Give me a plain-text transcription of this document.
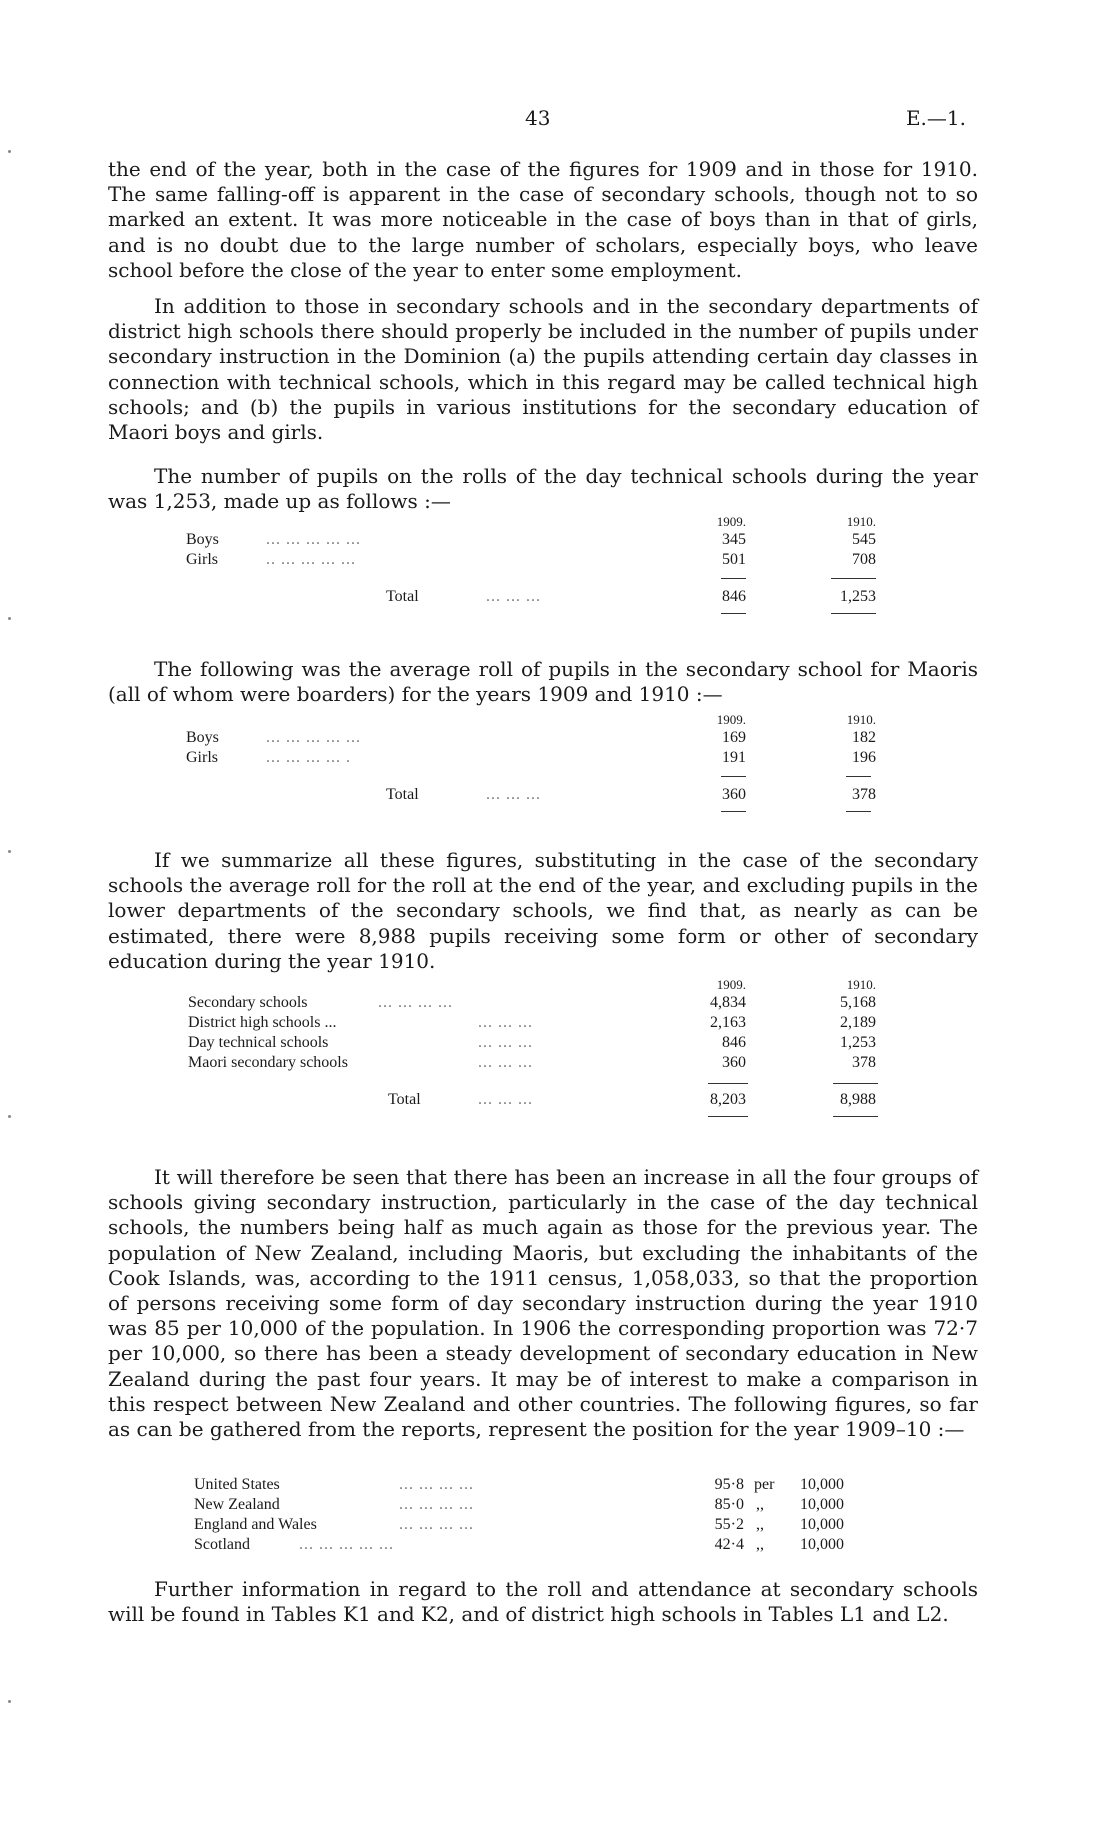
43	E.—1.

the end of the year, both in the case of the figures for 1909 and in those for 1910. The same falling-off is apparent in the case of secondary schools, though not to so marked an extent. It was more noticeable in the case of boys than in that of girls, and is no doubt due to the large number of scholars, especially boys, who leave school before the close of the year to enter some employment.

In addition to those in secondary schools and in the secondary departments of district high schools there should properly be included in the number of pupils under secondary instruction in the Dominion (a) the pupils attending certain day classes in connection with technical schools, which in this regard may be called technical high schools; and (b) the pupils in various institutions for the secondary education of Maori boys and girls.

The number of pupils on the rolls of the day technical schools during the year was 1,253, made up as follows :—

1909.	1910.
Boys	... ... ... ... ...	345	545
Girls	.. ... ... ... ...	501	708
Total	... ... ...	846	1,253

The following was the average roll of pupils in the secondary school for Maoris (all of whom were boarders) for the years 1909 and 1910 :—

1909.	1910.
Boys	... ... ... ... ...	169	182
Girls	... ... ... ... .	191	196
Total	... ... ...	360	378

If we summarize all these figures, substituting in the case of the secondary schools the average roll for the roll at the end of the year, and excluding pupils in the lower departments of the secondary schools, we find that, as nearly as can be estimated, there were 8,988 pupils receiving some form or other of secondary education during the year 1910.

1909.	1910.
Secondary schools	... ... ... ...	4,834	5,168
District high schools ...	... ... ...	2,163	2,189
Day technical schools	... ... ...	846	1,253
Maori secondary schools	... ... ...	360	378
Total	... ... ...	8,203	8,988

It will therefore be seen that there has been an increase in all the four groups of schools giving secondary instruction, particularly in the case of the day technical schools, the numbers being half as much again as those for the previous year. The population of New Zealand, including Maoris, but excluding the inhabitants of the Cook Islands, was, according to the 1911 census, 1,058,033, so that the proportion of persons receiving some form of day secondary instruction during the year 1910 was 85 per 10,000 of the population. In 1906 the corresponding proportion was 72·7 per 10,000, so there has been a steady development of secondary education in New Zealand during the past four years. It may be of interest to make a comparison in this respect between New Zealand and other countries. The following figures, so far as can be gathered from the reports, represent the position for the year 1909–10 :—

United States	... ... ... ...	95·8 per	10,000
New Zealand	... ... ... ...	85·0 ,,	10,000
England and Wales	... ... ... ...	55·2 ,,	10,000
Scotland	... ... ... ... ...	42·4 ,,	10,000

Further information in regard to the roll and attendance at secondary schools will be found in Tables K1 and K2, and of district high schools in Tables L1 and L2.
